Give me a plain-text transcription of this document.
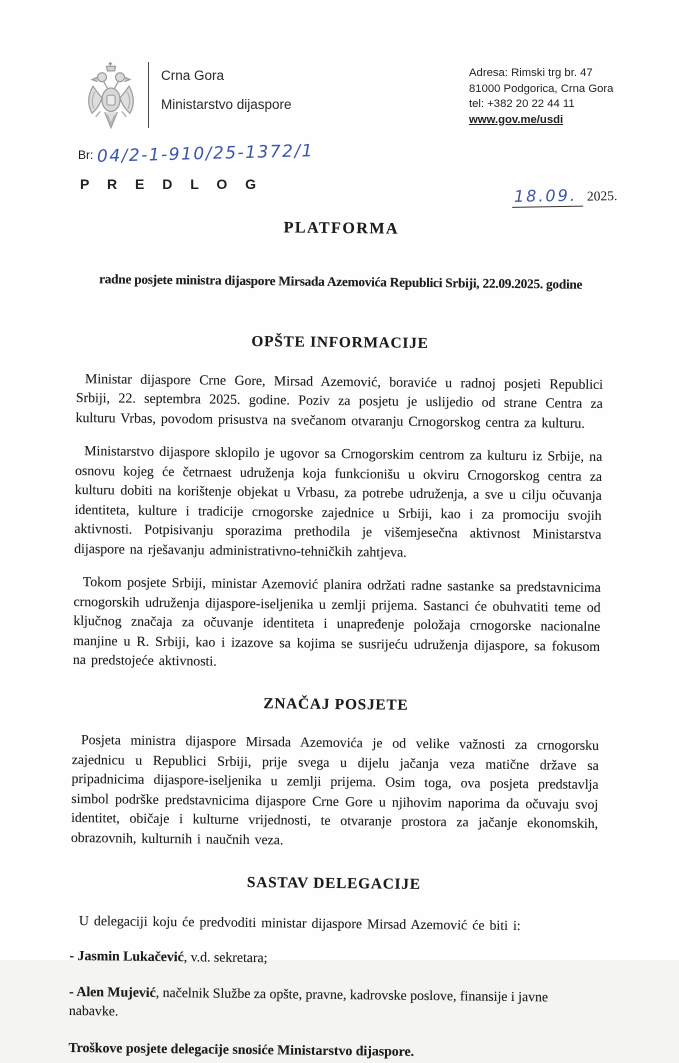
Crna Gora
Ministarstvo dijaspore
Adresa: Rimski trg br. 47
81000 Podgorica, Crna Gora
tel: +382 20 22 44 11
www.gov.me/usdi
Br: 04/2-1-910/25-1372/1
P R E D L O G
18.09. 2025.
PLATFORMA
radne posjete ministra dijaspore Mirsada Azemovića Republici Srbiji, 22.09.2025. godine
OPŠTE INFORMACIJE
Ministar dijaspore Crne Gore, Mirsad Azemović, boraviće u radnoj posjeti Republici Srbiji, 22. septembra 2025. godine. Poziv za posjetu je uslijedio od strane Centra za kulturu Vrbas, povodom prisustva na svečanom otvaranju Crnogorskog centra za kulturu.
Ministarstvo dijaspore sklopilo je ugovor sa Crnogorskim centrom za kulturu iz Srbije, na osnovu kojeg će četrnaest udruženja koja funkcionišu u okviru Crnogorskog centra za kulturu dobiti na korištenje objekat u Vrbasu, za potrebe udruženja, a sve u cilju očuvanja identiteta, kulture i tradicije crnogorske zajednice u Srbiji, kao i za promociju svojih aktivnosti. Potpisivanju sporazima prethodila je višemjesečna aktivnost Ministarstva dijaspore na rješavanju administrativno-tehničkih zahtjeva.
Tokom posjete Srbiji, ministar Azemović planira održati radne sastanke sa predstavnicima crnogorskih udruženja dijaspore-iseljenika u zemlji prijema. Sastanci će obuhvatiti teme od ključnog značaja za očuvanje identiteta i unapređenje položaja crnogorske nacionalne manjine u R. Srbiji, kao i izazove sa kojima se susrijeću udruženja dijaspore, sa fokusom na predstojeće aktivnosti.
ZNAČAJ POSJETE
Posjeta ministra dijaspore Mirsada Azemovića je od velike važnosti za crnogorsku zajednicu u Republici Srbiji, prije svega u dijelu jačanja veza matične države sa pripadnicima dijaspore-iseljenika u zemlji prijema. Osim toga, ova posjeta predstavlja simbol podrške predstavnicima dijaspore Crne Gore u njihovim naporima da očuvaju svoj identitet, običaje i kulturne vrijednosti, te otvaranje prostora za jačanje ekonomskih, obrazovnih, kulturnih i naučnih veza.
SASTAV DELEGACIJE
U delegaciji koju će predvoditi ministar dijaspore Mirsad Azemović će biti i:
- Jasmin Lukačević, v.d. sekretara;
- Alen Mujević, načelnik Službe za opšte, pravne, kadrovske poslove, finansije i javne nabavke.
Troškove posjete delegacije snosiće Ministarstvo dijaspore.
